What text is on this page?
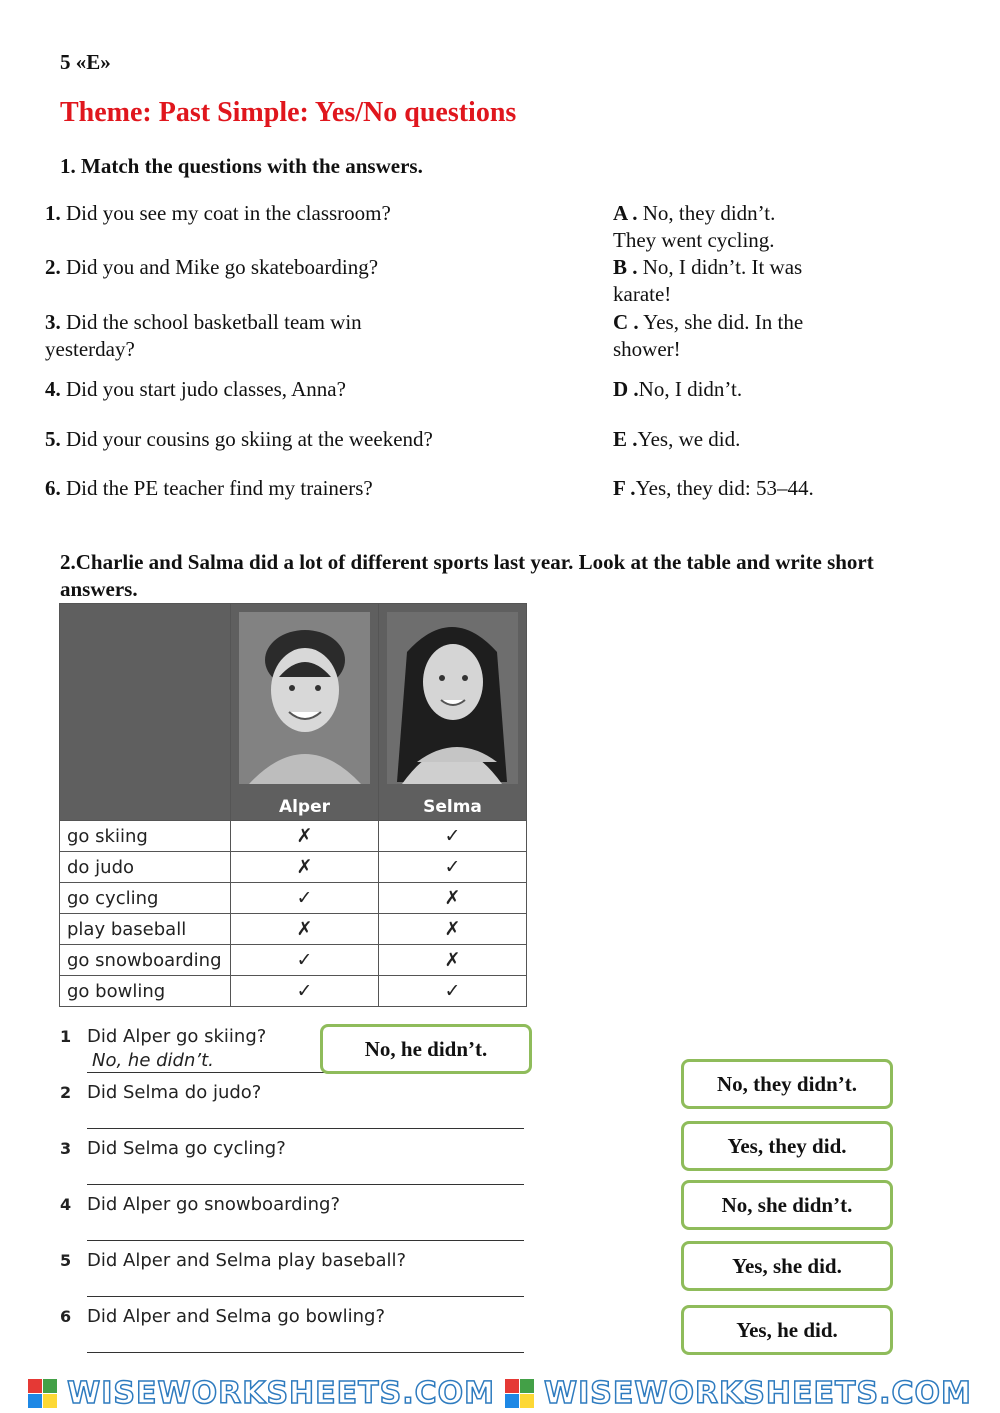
5 «E»
Theme: Past Simple: Yes/No questions
1. Match the questions with the answers.
1. Did you see my coat in the classroom?
2. Did you and Mike go skateboarding?
3. Did the school basketball team win yesterday?
4. Did you start judo classes, Anna?
5. Did your cousins go skiing at the weekend?
6. Did the PE teacher find my trainers?
A . No, they didn’t. They went cycling.
B . No, I didn’t. It was karate!
C . Yes, she did. In the shower!
D .No, I didn’t.
E .Yes, we did.
F .Yes, they did: 53–44.
2.Charlie and Salma did a lot of different sports last year. Look at the table and write short answers.

	Alper	Selma

go skiing	✗	✓
do judo	✗	✓
go cycling	✓	✗
play baseball	✗	✗
go snowboarding	✓	✗
go bowling	✓	✓
1 Did Alper go skiing?
No, he didn’t.
2 Did Selma do judo?
3 Did Selma go cycling?
4 Did Alper go snowboarding?
5 Did Alper and Selma play baseball?
6 Did Alper and Selma go bowling?
No, he didn’t.
No, they didn’t.
Yes, they did.
No, she didn’t.
Yes, she did.
Yes, he did.
WISEWORKSHEETS.COM WISEWORKSHEETS.COM
